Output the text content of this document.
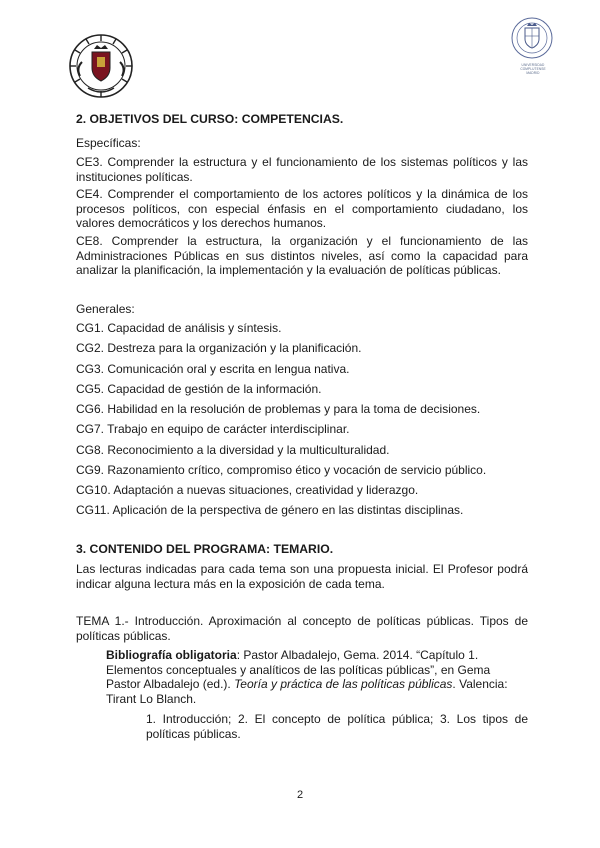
UNIVERSIDAD
COMPLUTENSE
MADRID
2. OBJETIVOS DEL CURSO: COMPETENCIAS.
Específicas:
CE3. Comprender la estructura y el funcionamiento de los sistemas políticos y las instituciones políticas.
CE4. Comprender el comportamiento de los actores políticos y la dinámica de los procesos políticos, con especial énfasis en el comportamiento ciudadano, los valores democráticos y los derechos humanos.
CE8. Comprender la estructura, la organización y el funcionamiento de las Administraciones Públicas en sus distintos niveles, así como la capacidad para analizar la planificación, la implementación y la evaluación de políticas públicas.
Generales:
CG1. Capacidad de análisis y síntesis.
CG2. Destreza para la organización y la planificación.
CG3. Comunicación oral y escrita en lengua nativa.
CG5. Capacidad de gestión de la información.
CG6. Habilidad en la resolución de problemas y para la toma de decisiones.
CG7. Trabajo en equipo de carácter interdisciplinar.
CG8. Reconocimiento a la diversidad y la multiculturalidad.
CG9. Razonamiento crítico, compromiso ético y vocación de servicio público.
CG10. Adaptación a nuevas situaciones, creatividad y liderazgo.
CG11. Aplicación de la perspectiva de género en las distintas disciplinas.
3. CONTENIDO DEL PROGRAMA: TEMARIO.
Las lecturas indicadas para cada tema son una propuesta inicial. El Profesor podrá indicar alguna lectura más en la exposición de cada tema.
TEMA 1.- Introducción. Aproximación al concepto de políticas públicas. Tipos de políticas públicas.
Bibliografía obligatoria: Pastor Albadalejo, Gema. 2014. “Capítulo 1. Elementos conceptuales y analíticos de las políticas públicas”, en Gema Pastor Albadalejo (ed.). Teoría y práctica de las políticas públicas. Valencia: Tirant Lo Blanch.
1. Introducción; 2. El concepto de política pública; 3. Los tipos de políticas públicas.
2
